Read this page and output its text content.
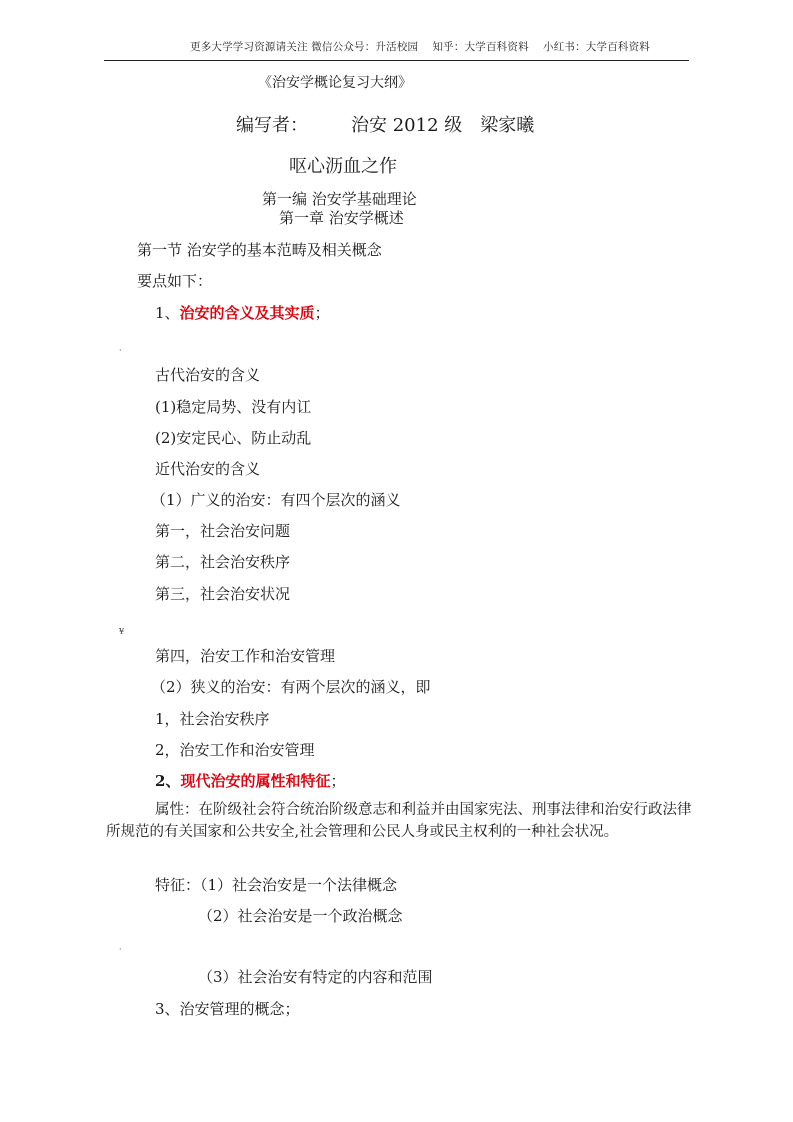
更多大学学习资源请关注 微信公众号：升活校园 　知乎：大学百科资料　 小红书：大学百科资料
《治安学概论复习大纲》
编写者： 治安 2012 级　梁家曦
呕心沥血之作
第一编 治安学基础理论
第一章 治安学概述
第一节 治安学的基本范畴及相关概念
要点如下：
1、治安的含义及其实质；
·
古代治安的含义
(1)稳定局势、没有内讧
(2)安定民心、防止动乱
近代治安的含义
（1）广义的治安：有四个层次的涵义
第一，社会治安问题
第二，社会治安秩序
第三，社会治安状况
¥
第四，治安工作和治安管理
（2）狭义的治安：有两个层次的涵义，即
1，社会治安秩序
2，治安工作和治安管理
2、现代治安的属性和特征；
属性：在阶级社会符合统治阶级意志和利益并由国家宪法、刑事法律和治安行政法律所规范的有关国家和公共安全,社会管理和公民人身或民主权利的一种社会状况。
特征：（1）社会治安是一个法律概念
（2）社会治安是一个政治概念
·
（3）社会治安有特定的内容和范围
3、治安管理的概念；
